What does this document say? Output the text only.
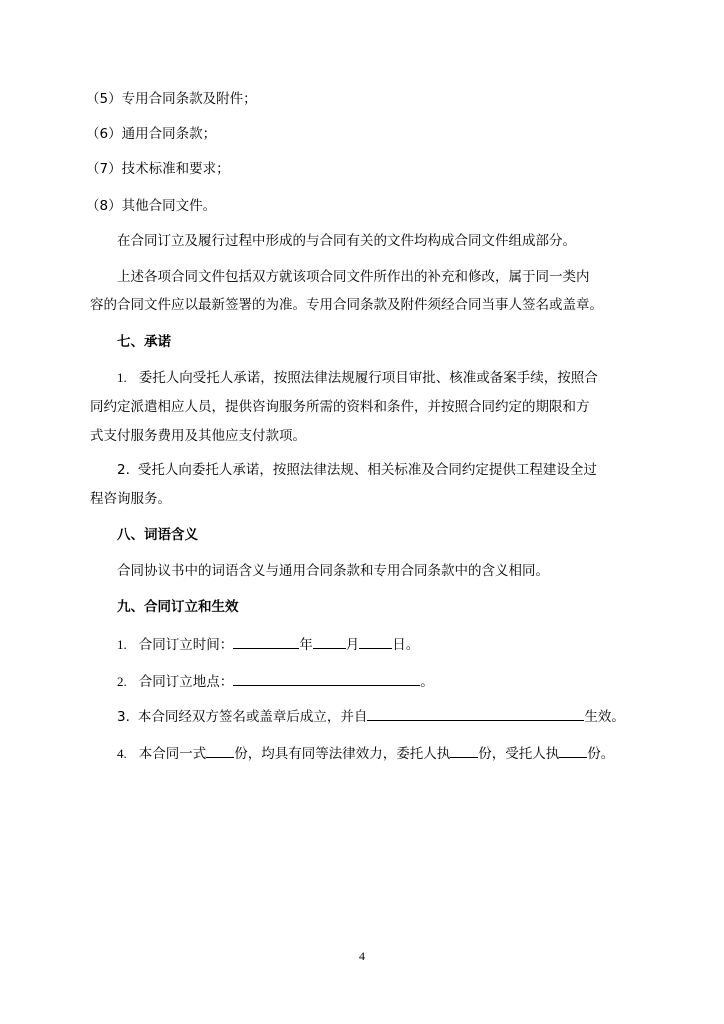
（5）专用合同条款及附件；
（6）通用合同条款；
（7）技术标准和要求；
（8）其他合同文件。
在合同订立及履行过程中形成的与合同有关的文件均构成合同文件组成部分。
上述各项合同文件包括双方就该项合同文件所作出的补充和修改，属于同一类内
容的合同文件应以最新签署的为准。专用合同条款及附件须经合同当事人签名或盖章。
七、承诺
1. 委托人向受托人承诺，按照法律法规履行项目审批、核准或备案手续，按照合
同约定派遣相应人员，提供咨询服务所需的资料和条件，并按照合同约定的期限和方
式支付服务费用及其他应支付款项。
2. 受托人向委托人承诺，按照法律法规、相关标准及合同约定提供工程建设全过
程咨询服务。
八、词语含义
合同协议书中的词语含义与通用合同条款和专用合同条款中的含义相同。
九、合同订立和生效
1. 合同订立时间：	年 月 日。
2. 合同订立地点：	。
3. 本合同经双方签名或盖章后成立，并自	生效。
4. 本合同一式 份，均具有同等法律效力，委托人执 份，受托人执 份。
4
